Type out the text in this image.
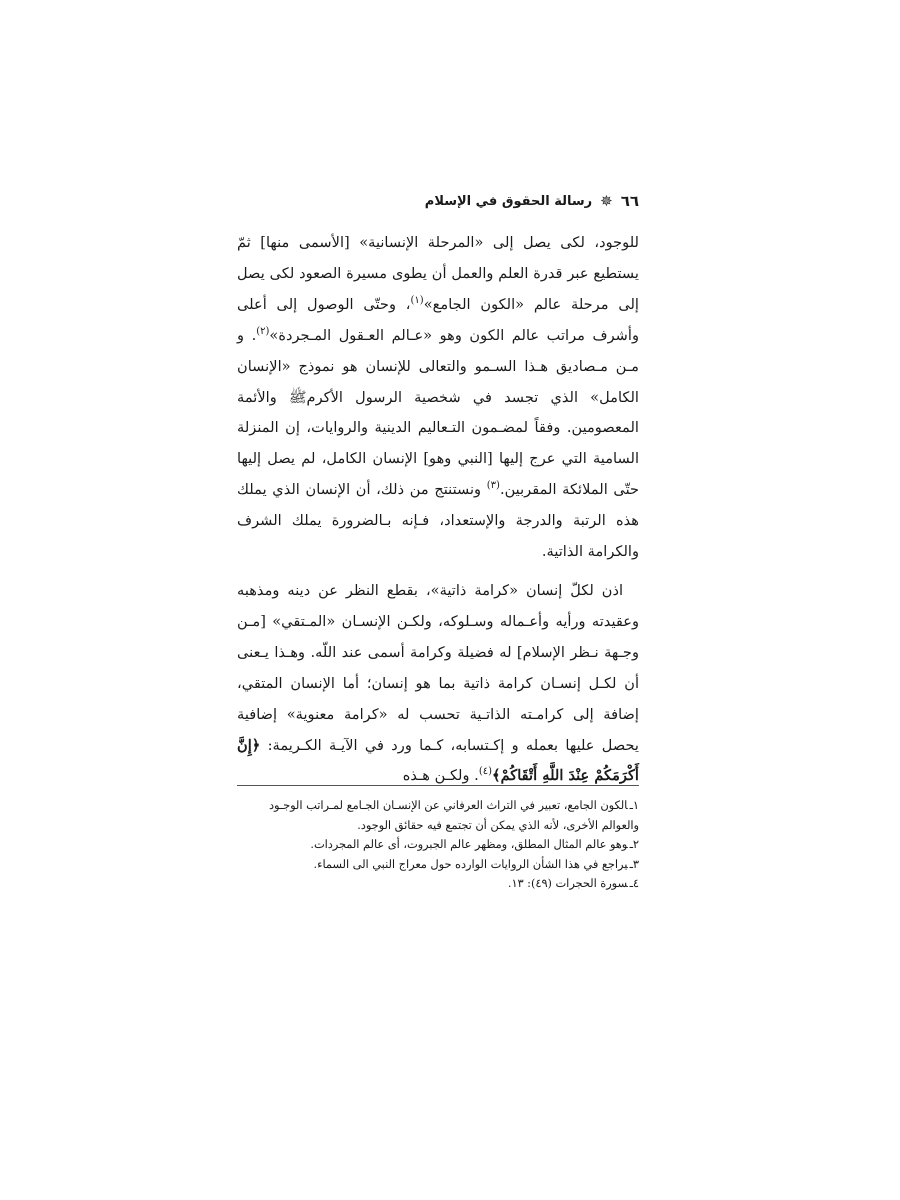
٦٦
✵
رسالة الحقوق في الإسلام

للوجود، لكى يصل إلى «المرحلة الإنسانية» [الأسمى منها] ثمّ يستطيع عبر قدرة العلم والعمل أن يطوى مسيرة الصعود لكى يصل إلى مرحلة عالم «الكون الجامع»$^{(١)}$، وحتّى الوصول إلى أعلى وأشرف مراتب عالم الكون وهو «عـالم العـقول المـجردة»$^{(٢)}$. و مـن مـصاديق هـذا السـمو والتعالى للإنسان هو نموذج «الإنسان الكامل» الذي تجسد في شخصية الرسول الأكرمﷺ والأئمة المعصومين. وفقاً لمضـمون التـعاليم الدينية والروايات، إن المنزلة السامية التي عرج إليها [النبي وهو] الإنسان الكامل، لم يصل إليها حتّى الملائكة المقربين.$^{(٣)}$ ونستنتج من ذلك، أن الإنسان الذي يملك هذه الرتبة والدرجة والإستعداد، فـإنه بـالضرورة يملك الشرف والكرامة الذاتية.

اذن لكلّ إنسان «كرامة ذاتية»، بقطع النظر عن دينه ومذهبه وعقيدته ورأيه وأعـماله وسـلوكه، ولكـن الإنسـان «المـتقي» [مـن وجـهة نـظر الإسلام] له فضيلة وكرامة أسمى عند اللّه. وهـذا يـعنى أن لكـل إنسـان كرامة ذاتية بما هو إنسان؛ أما الإنسان المتقي، إضافة إلى كرامـته الذاتـية تحسب له «كرامة معنوية» إضافية يحصل عليها بعمله و إكـتسابه، كـما ورد في الآيـة الكـريمة: ﴿إِنَّ أَكْرَمَكُمْ عِنْدَ اللَّهِ أَتْقَاكُمْ﴾$^{(٤)}$. ولكـن هـذه

١ـالكون الجامع، تعبير في التراث العرفاني عن الإنسـان الجـامع لمـراتب الوجـود والعوالم الأخرى، لأنه الذي يمكن أن تجتمع فيه حقائق الوجود.

٢ـوهو عالم المثال المطلق، ومظهر عالم الجبروت، أى عالم المجردات.

٣ـيراجع في هذا الشأن الروايات الوارده حول معراج النبي الى السماء.

٤ـسورة الحجرات (٤٩): ١٣.
